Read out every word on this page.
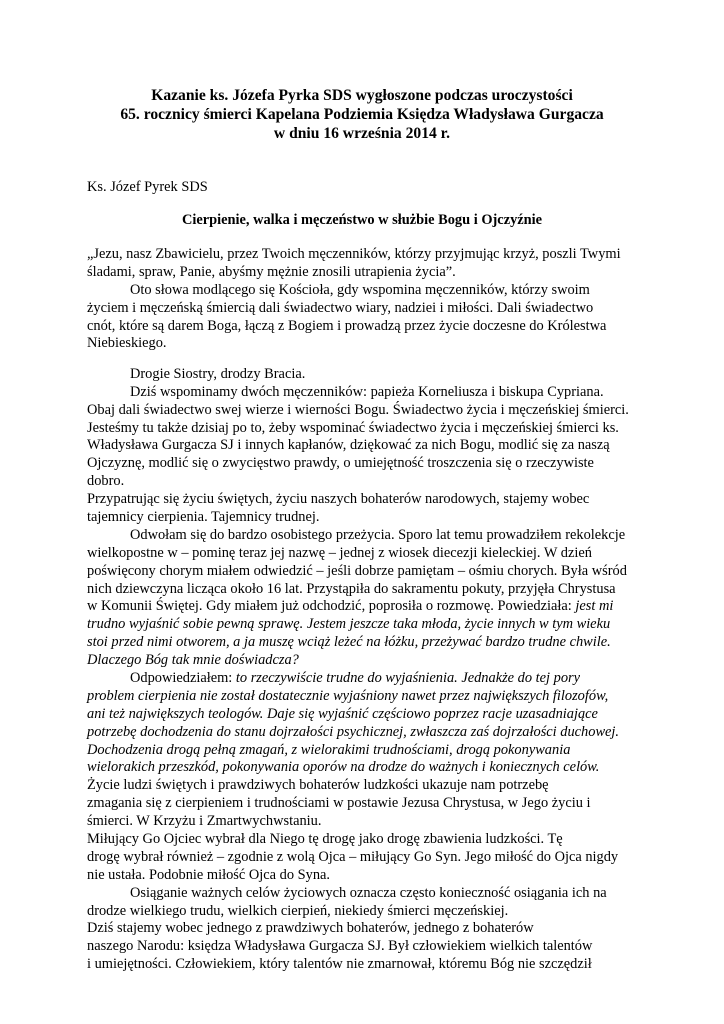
Kazanie ks. Józefa Pyrka SDS wygłoszone podczas uroczystości
65. rocznicy śmierci Kapelana Podziemia Księdza Władysława Gurgacza
w dniu 16 września 2014 r.
Ks. Józef Pyrek SDS
Cierpienie, walka i męczeństwo w służbie Bogu i Ojczyźnie
„Jezu, nasz Zbawicielu, przez Twoich męczenników, którzy przyjmując krzyż, poszli Twymi
śladami, spraw, Panie, abyśmy mężnie znosili utrapienia życia”.
Oto słowa modlącego się Kościoła, gdy wspomina męczenników, którzy swoim
życiem i męczeńską śmiercią dali świadectwo wiary, nadziei i miłości. Dali świadectwo
cnót, które są darem Boga, łączą z Bogiem i prowadzą przez życie doczesne do Królestwa
Niebieskiego.
Drogie Siostry, drodzy Bracia.
Dziś wspominamy dwóch męczenników: papieża Korneliusza i biskupa Cypriana.
Obaj dali świadectwo swej wierze i wierności Bogu. Świadectwo życia i męczeńskiej śmierci.
Jesteśmy tu także dzisiaj po to, żeby wspominać świadectwo życia i męczeńskiej śmierci ks.
Władysława Gurgacza SJ i innych kapłanów, dziękować za nich Bogu, modlić się za naszą
Ojczyznę, modlić się o zwycięstwo prawdy, o umiejętność troszczenia się o rzeczywiste
dobro.
Przypatrując się życiu świętych, życiu naszych bohaterów narodowych, stajemy wobec
tajemnicy cierpienia. Tajemnicy trudnej.
Odwołam się do bardzo osobistego przeżycia. Sporo lat temu prowadziłem rekolekcje
wielkopostne w – pominę teraz jej nazwę – jednej z wiosek diecezji kieleckiej. W dzień
poświęcony chorym miałem odwiedzić – jeśli dobrze pamiętam – ośmiu chorych. Była wśród
nich dziewczyna licząca około 16 lat. Przystąpiła do sakramentu pokuty, przyjęła Chrystusa
w Komunii Świętej. Gdy miałem już odchodzić, poprosiła o rozmowę. Powiedziała: jest mi
trudno wyjaśnić sobie pewną sprawę. Jestem jeszcze taka młoda, życie innych w tym wieku
stoi przed nimi otworem, a ja muszę wciąż leżeć na łóżku, przeżywać bardzo trudne chwile.
Dlaczego Bóg tak mnie doświadcza?
Odpowiedziałem: to rzeczywiście trudne do wyjaśnienia. Jednakże do tej pory
problem cierpienia nie został dostatecznie wyjaśniony nawet przez największych filozofów,
ani też największych teologów. Daje się wyjaśnić częściowo poprzez racje uzasadniające
potrzebę dochodzenia do stanu dojrzałości psychicznej, zwłaszcza zaś dojrzałości duchowej.
Dochodzenia drogą pełną zmagań, z wielorakimi trudnościami, drogą pokonywania
wielorakich przeszkód, pokonywania oporów na drodze do ważnych i koniecznych celów.
Życie ludzi świętych i prawdziwych bohaterów ludzkości ukazuje nam potrzebę
zmagania się z cierpieniem i trudnościami w postawie Jezusa Chrystusa, w Jego życiu i
śmierci. W Krzyżu i Zmartwychwstaniu.
Miłujący Go Ojciec wybrał dla Niego tę drogę jako drogę zbawienia ludzkości. Tę
drogę wybrał również – zgodnie z wolą Ojca – miłujący Go Syn. Jego miłość do Ojca nigdy
nie ustała. Podobnie miłość Ojca do Syna.
Osiąganie ważnych celów życiowych oznacza często konieczność osiągania ich na
drodze wielkiego trudu, wielkich cierpień, niekiedy śmierci męczeńskiej.
Dziś stajemy wobec jednego z prawdziwych bohaterów, jednego z bohaterów
naszego Narodu: księdza Władysława Gurgacza SJ. Był człowiekiem wielkich talentów
i umiejętności. Człowiekiem, który talentów nie zmarnował, któremu Bóg nie szczędził
